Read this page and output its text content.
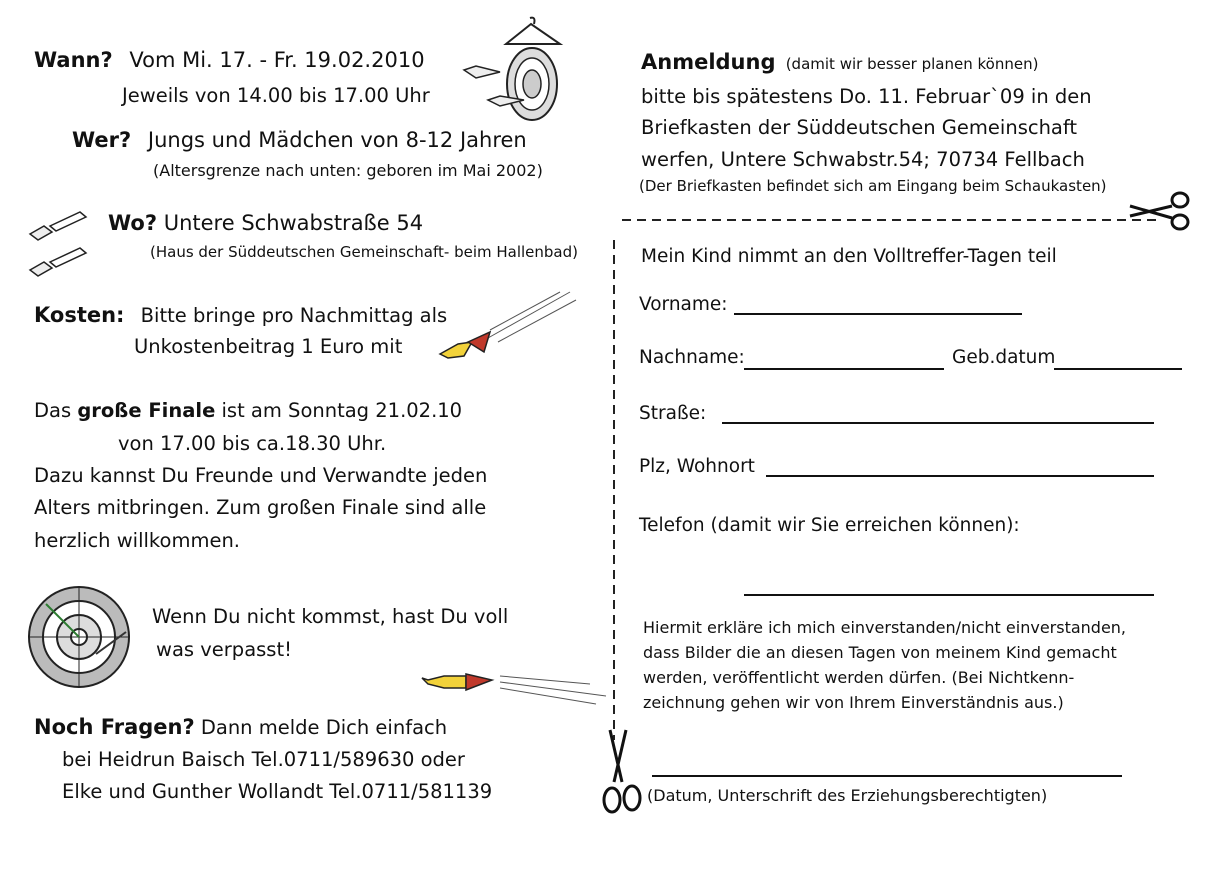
Wann? Vom Mi. 17. - Fr. 19.02.2010
Jeweils von 14.00 bis 17.00 Uhr
Wer? Jungs und Mädchen von 8-12 Jahren
(Altersgrenze nach unten: geboren im Mai 2002)
Wo? Untere Schwabstraße 54
(Haus der Süddeutschen Gemeinschaft- beim Hallenbad)
Kosten: Bitte bringe pro Nachmittag als
Unkostenbeitrag 1 Euro mit
Das große Finale ist am Sonntag 21.02.10
von 17.00 bis ca.18.30 Uhr.
Dazu kannst Du Freunde und Verwandte jeden
Alters mitbringen. Zum großen Finale sind alle
herzlich willkommen.
Wenn Du nicht kommst, hast Du voll
was verpasst!
Noch Fragen? Dann melde Dich einfach
bei Heidrun Baisch Tel.0711/589630 oder
Elke und Gunther Wollandt Tel.0711/581139
Anmeldung (damit wir besser planen können)
bitte bis spätestens Do. 11. Februar`09 in den
Briefkasten der Süddeutschen Gemeinschaft
werfen, Untere Schwabstr.54; 70734 Fellbach
(Der Briefkasten befindet sich am Eingang beim Schaukasten)
Mein Kind nimmt an den Volltreffer-Tagen teil
Vorname:
Nachname:	Geb.datum
Straße:
Plz, Wohnort
Telefon (damit wir Sie erreichen können):
Hiermit erkläre ich mich einverstanden/nicht einverstanden,
dass Bilder die an diesen Tagen von meinem Kind gemacht
werden, veröffentlicht werden dürfen. (Bei Nichtkenn-
zeichnung gehen wir von Ihrem Einverständnis aus.)
(Datum, Unterschrift des Erziehungsberechtigten)
